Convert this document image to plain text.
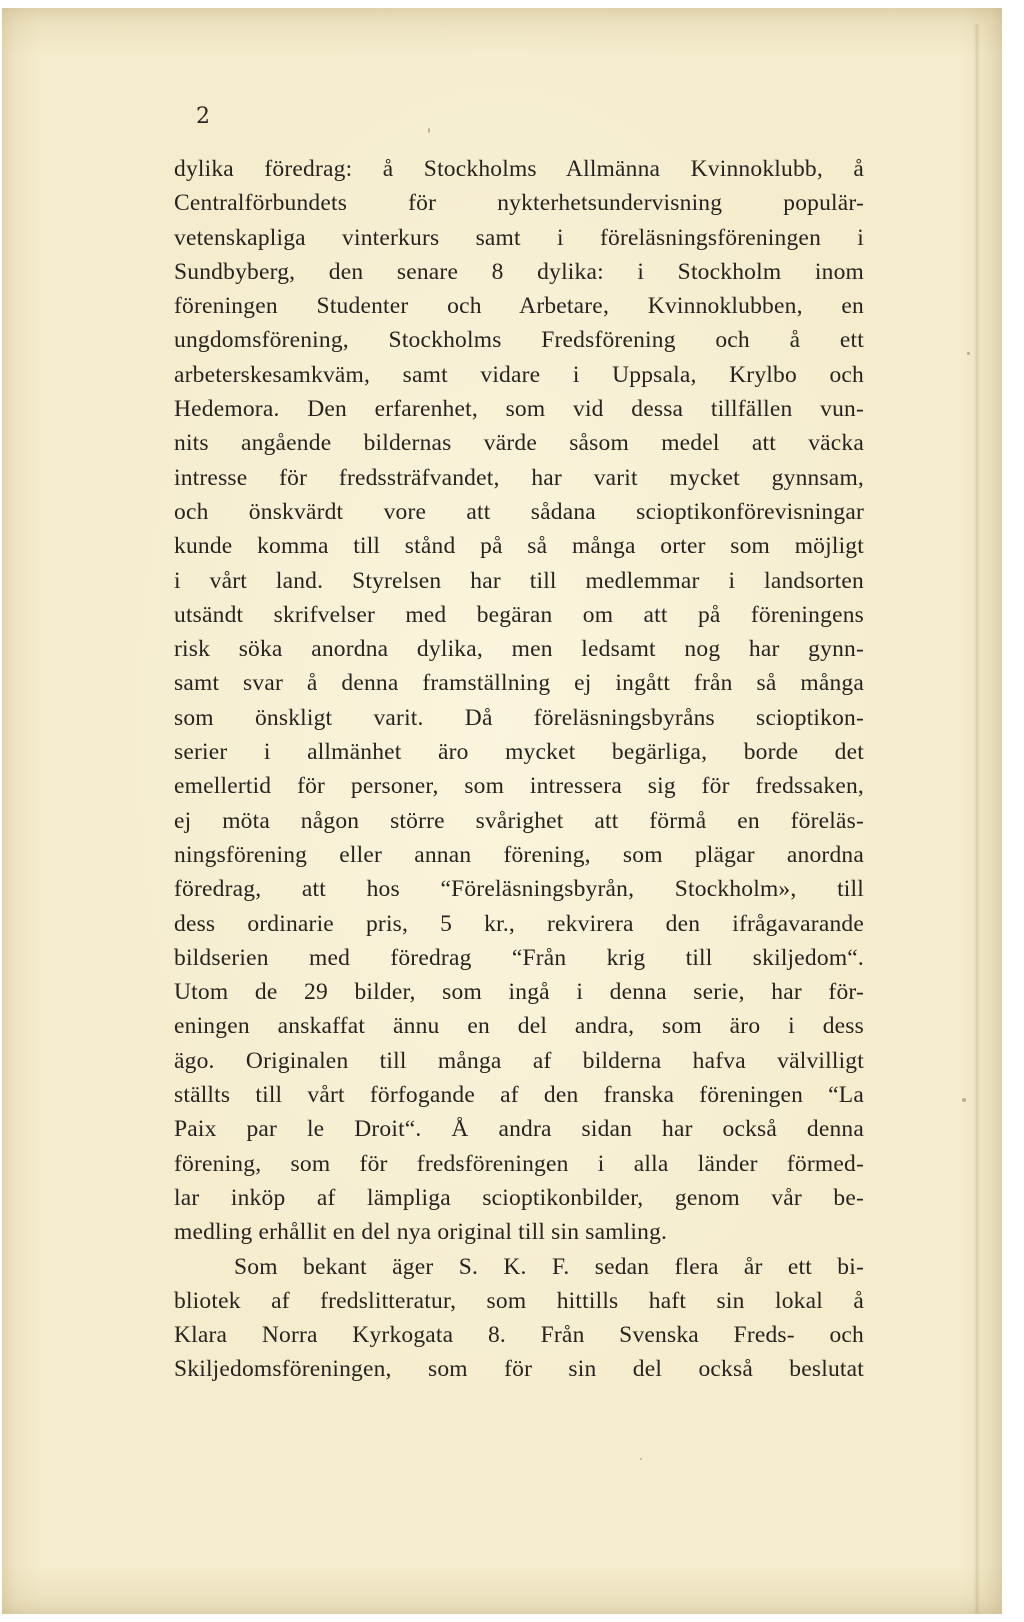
2

dylika föredrag: å Stockholms Allmänna Kvinnoklubb, å
Centralförbundets för nykterhetsundervisning populär-
vetenskapliga vinterkurs samt i föreläsningsföreningen i
Sundbyberg, den senare 8 dylika: i Stockholm inom
föreningen Studenter och Arbetare, Kvinnoklubben, en
ungdomsförening, Stockholms Fredsförening och å ett
arbeterskesamkväm, samt vidare i Uppsala, Krylbo och
Hedemora. Den erfarenhet, som vid dessa tillfällen vun-
nits angående bildernas värde såsom medel att väcka
intresse för fredssträfvandet, har varit mycket gynnsam,
och önskvärdt vore att sådana scioptikonförevisningar
kunde komma till stånd på så många orter som möjligt
i vårt land. Styrelsen har till medlemmar i landsorten
utsändt skrifvelser med begäran om att på föreningens
risk söka anordna dylika, men ledsamt nog har gynn-
samt svar å denna framställning ej ingått från så många
som önskligt varit. Då föreläsningsbyråns scioptikon-
serier i allmänhet äro mycket begärliga, borde det
emellertid för personer, som intressera sig för fredssaken,
ej möta någon större svårighet att förmå en föreläs-
ningsförening eller annan förening, som plägar anordna
föredrag, att hos “Föreläsningsbyrån, Stockholm», till
dess ordinarie pris, 5 kr., rekvirera den ifrågavarande
bildserien med föredrag “Från krig till skiljedom“.
Utom de 29 bilder, som ingå i denna serie, har för-
eningen anskaffat ännu en del andra, som äro i dess
ägo. Originalen till många af bilderna hafva välvilligt
ställts till vårt förfogande af den franska föreningen “La
Paix par le Droit“. Å andra sidan har också denna
förening, som för fredsföreningen i alla länder förmed-
lar inköp af lämpliga scioptikonbilder, genom vår be-
medling erhållit en del nya original till sin samling.
Som bekant äger S. K. F. sedan flera år ett bi-
bliotek af fredslitteratur, som hittills haft sin lokal å
Klara Norra Kyrkogata 8. Från Svenska Freds- och
Skiljedomsföreningen, som för sin del också beslutat
